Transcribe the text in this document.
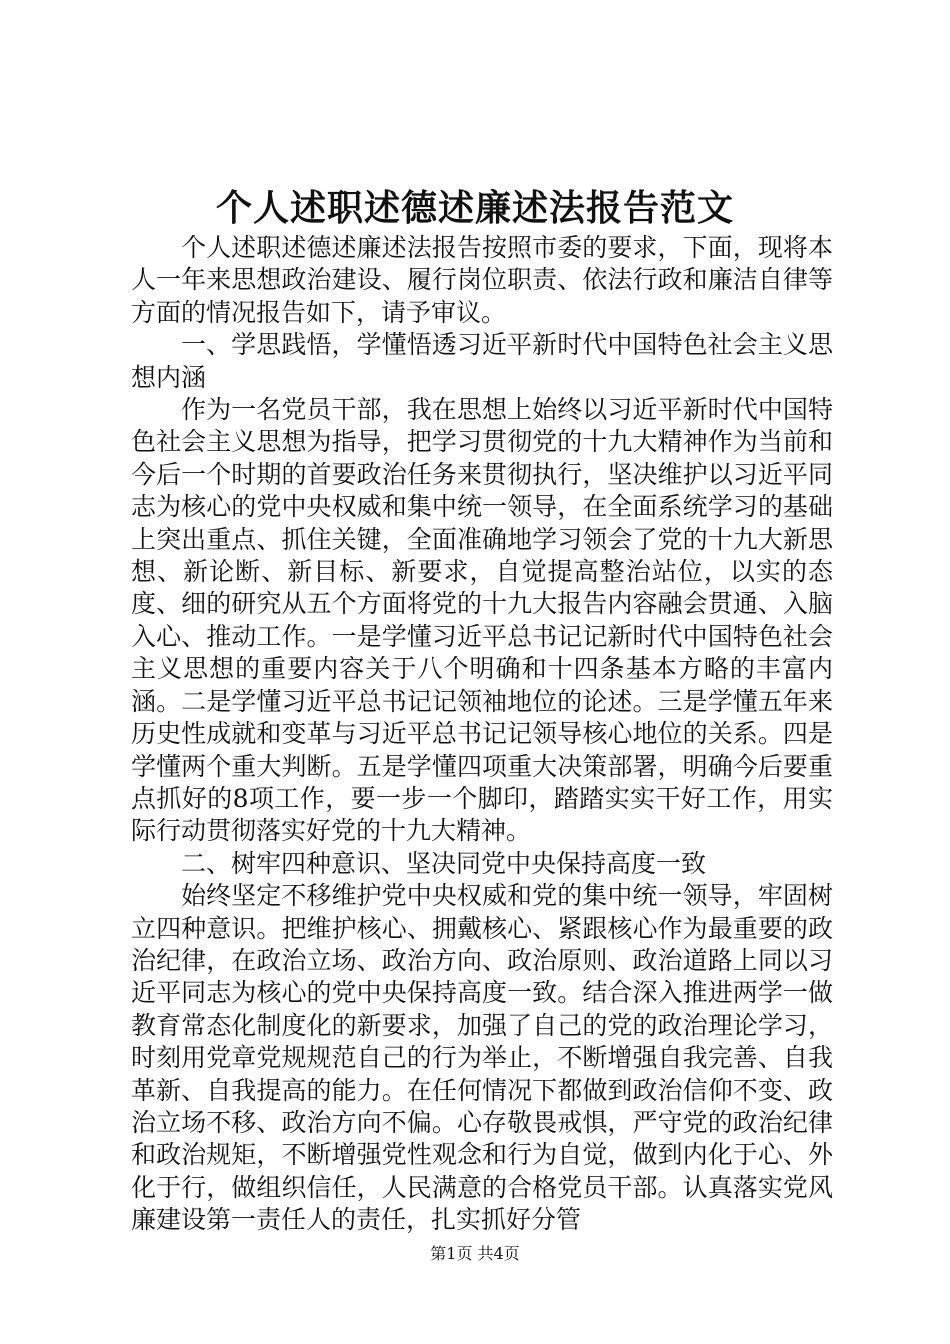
个人述职述德述廉述法报告范文

个人述职述德述廉述法报告按照市委的要求，下面，现将本人一年来思想政治建设、履行岗位职责、依法行政和廉洁自律等方面的情况报告如下，请予审议。

一、学思践悟，学懂悟透习近平新时代中国特色社会主义思想内涵

作为一名党员干部，我在思想上始终以习近平新时代中国特色社会主义思想为指导，把学习贯彻党的十九大精神作为当前和今后一个时期的首要政治任务来贯彻执行，坚决维护以习近平同志为核心的党中央权威和集中统一领导，在全面系统学习的基础上突出重点、抓住关键，全面准确地学习领会了党的十九大新思想、新论断、新目标、新要求，自觉提高整治站位，以实的态度、细的研究从五个方面将党的十九大报告内容融会贯通、入脑入心、推动工作。一是学懂习近平总书记记新时代中国特色社会主义思想的重要内容关于八个明确和十四条基本方略的丰富内涵。二是学懂习近平总书记记领袖地位的论述。三是学懂五年来历史性成就和变革与习近平总书记记领导核心地位的关系。四是学懂两个重大判断。五是学懂四项重大决策部署，明确今后要重点抓好的8项工作，要一步一个脚印，踏踏实实干好工作，用实际行动贯彻落实好党的十九大精神。

二、树牢四种意识、坚决同党中央保持高度一致

始终坚定不移维护党中央权威和党的集中统一领导，牢固树立四种意识。把维护核心、拥戴核心、紧跟核心作为最重要的政治纪律，在政治立场、政治方向、政治原则、政治道路上同以习近平同志为核心的党中央保持高度一致。结合深入推进两学一做教育常态化制度化的新要求，加强了自己的党的政治理论学习，时刻用党章党规规范自己的行为举止，不断增强自我完善、自我革新、自我提高的能力。在任何情况下都做到政治信仰不变、政治立场不移、政治方向不偏。心存敬畏戒惧，严守党的政治纪律和政治规矩，不断增强党性观念和行为自觉，做到内化于心、外化于行，做组织信任，人民满意的合格党员干部。认真落实党风廉建设第一责任人的责任，扎实抓好分管

第1页 共4页
